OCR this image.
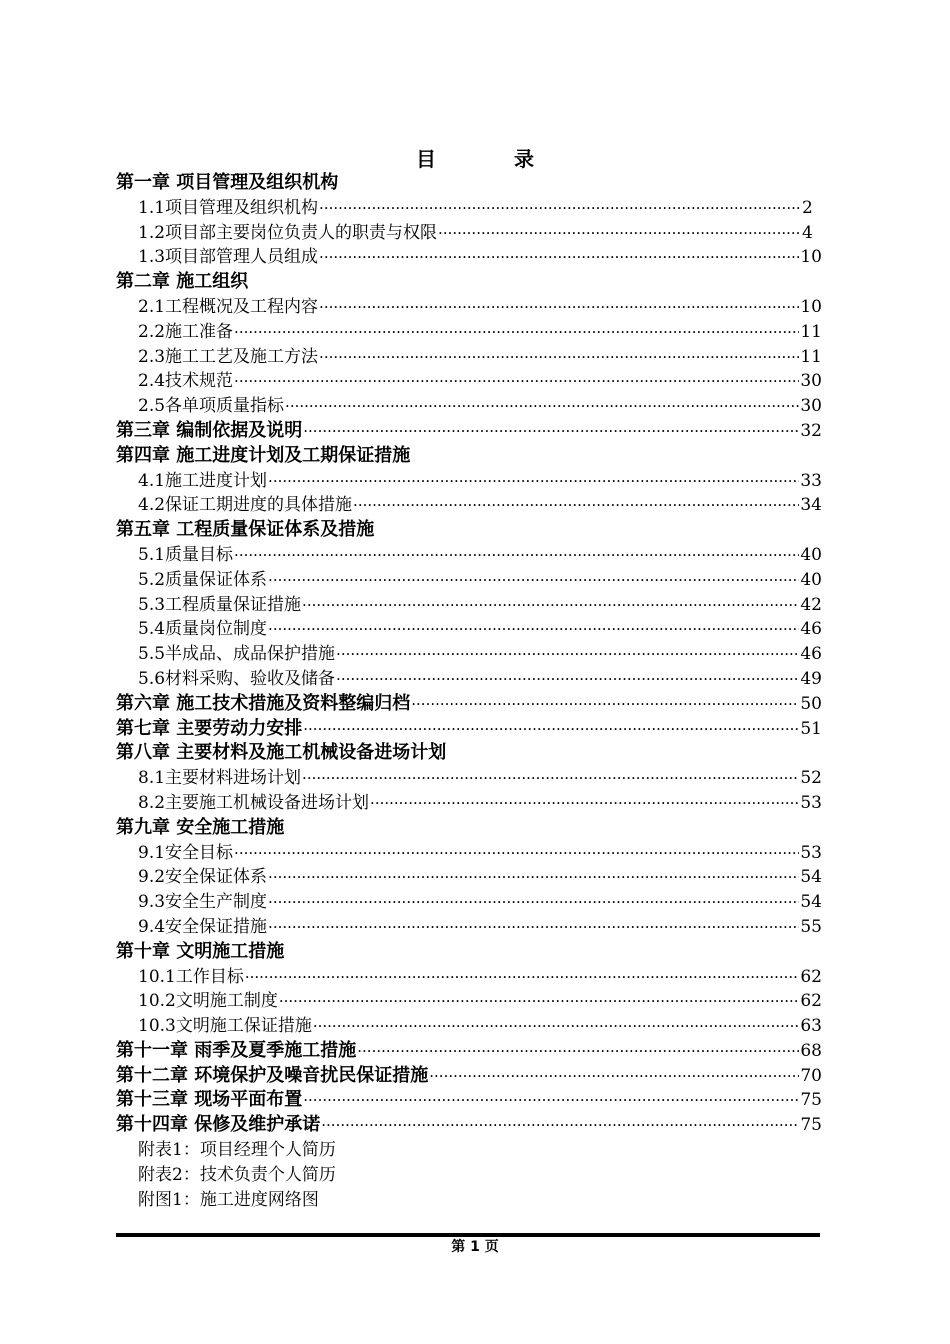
目	录
第一章 项目管理及组织机构
1.1项目管理及组织机构 ·····	2
1.2项目部主要岗位负责人的职责与权限 ·····	4
1.3项目部管理人员组成 ·····	10
第二章 施工组织
2.1工程概况及工程内容 ·····	10
2.2施工准备 ·····	11
2.3施工工艺及施工方法 ·····	11
2.4技术规范 ·····	30
2.5各单项质量指标 ·····	30
第三章 编制依据及说明 ·····	32
第四章 施工进度计划及工期保证措施
4.1施工进度计划 ·····	33
4.2保证工期进度的具体措施 ·····	34
第五章 工程质量保证体系及措施
5.1质量目标 ·····	40
5.2质量保证体系 ·····	40
5.3工程质量保证措施 ·····	42
5.4质量岗位制度 ·····	46
5.5半成品、成品保护措施 ·····	46
5.6材料采购、验收及储备 ·····	49
第六章 施工技术措施及资料整编归档 ·····	50
第七章 主要劳动力安排 ·····	51
第八章 主要材料及施工机械设备进场计划
8.1主要材料进场计划 ·····	52
8.2主要施工机械设备进场计划 ·····	53
第九章 安全施工措施
9.1安全目标 ·····	53
9.2安全保证体系 ·····	54
9.3安全生产制度 ·····	54
9.4安全保证措施 ·····	55
第十章 文明施工措施
10.1工作目标 ·····	62
10.2文明施工制度 ·····	62
10.3文明施工保证措施 ·····	63
第十一章 雨季及夏季施工措施 ·····	68
第十二章 环境保护及噪音扰民保证措施 ·····	70
第十三章 现场平面布置 ·····	75
第十四章 保修及维护承诺 ·····	75
附表1：项目经理个人简历
附表2：技术负责个人简历
附图1：施工进度网络图
第 1 页
